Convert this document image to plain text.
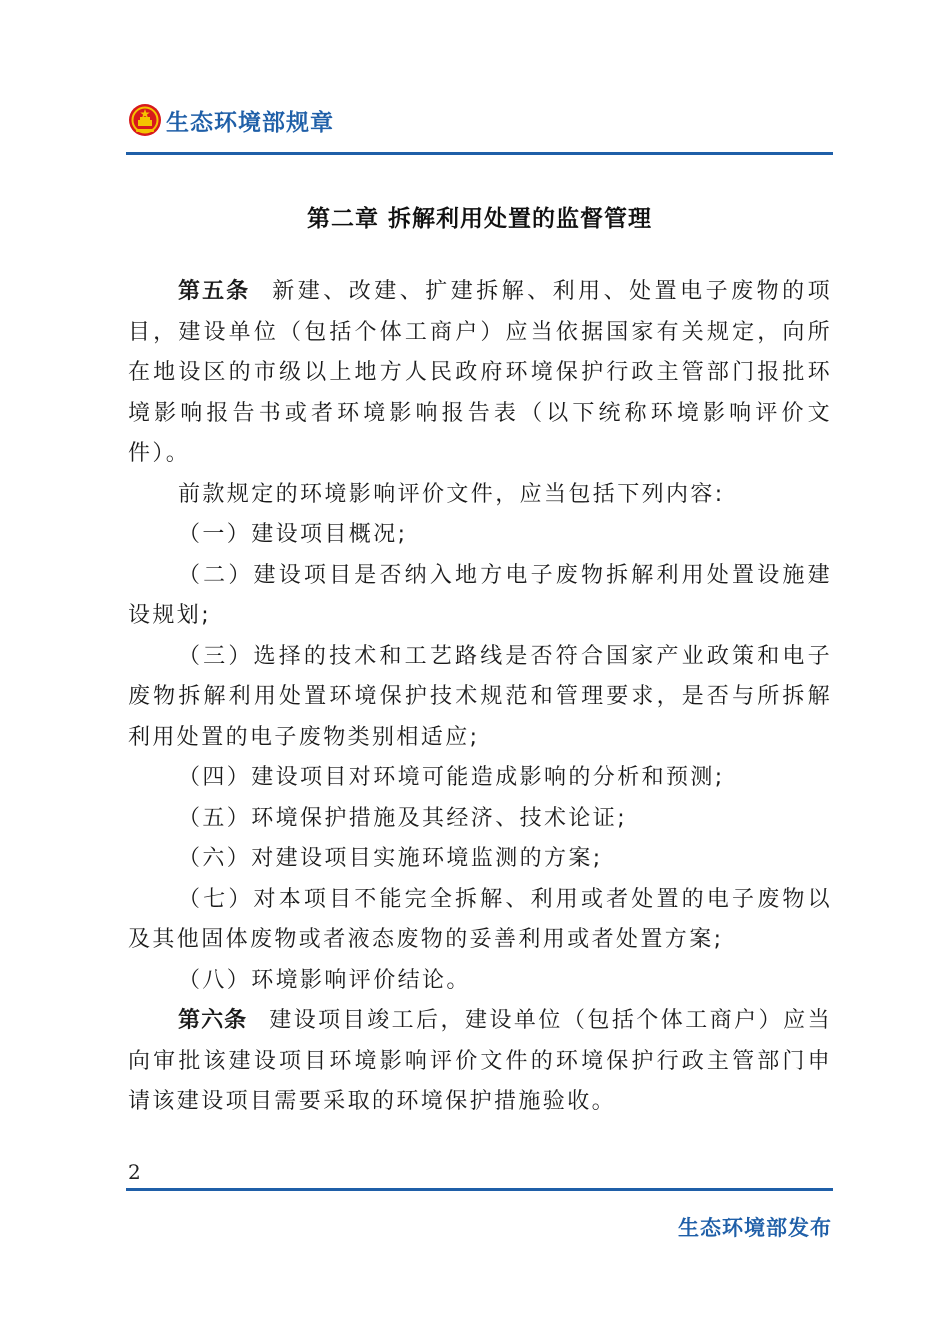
生态环境部规章
第二章 拆解利用处置的监督管理

第五条 新建、改建、扩建拆解、利用、处置电子废物的项目，建设单位（包括个体工商户）应当依据国家有关规定，向所在地设区的市级以上地方人民政府环境保护行政主管部门报批环境影响报告书或者环境影响报告表（以下统称环境影响评价文件）。

前款规定的环境影响评价文件，应当包括下列内容:

（一）建设项目概况;

（二）建设项目是否纳入地方电子废物拆解利用处置设施建设规划;

（三）选择的技术和工艺路线是否符合国家产业政策和电子废物拆解利用处置环境保护技术规范和管理要求，是否与所拆解利用处置的电子废物类别相适应;

（四）建设项目对环境可能造成影响的分析和预测;

（五）环境保护措施及其经济、技术论证;

（六）对建设项目实施环境监测的方案;

（七）对本项目不能完全拆解、利用或者处置的电子废物以及其他固体废物或者液态废物的妥善利用或者处置方案;

（八）环境影响评价结论。

第六条 建设项目竣工后，建设单位（包括个体工商户）应当向审批该建设项目环境影响评价文件的环境保护行政主管部门申请该建设项目需要采取的环境保护措施验收。

2
生态环境部发布
